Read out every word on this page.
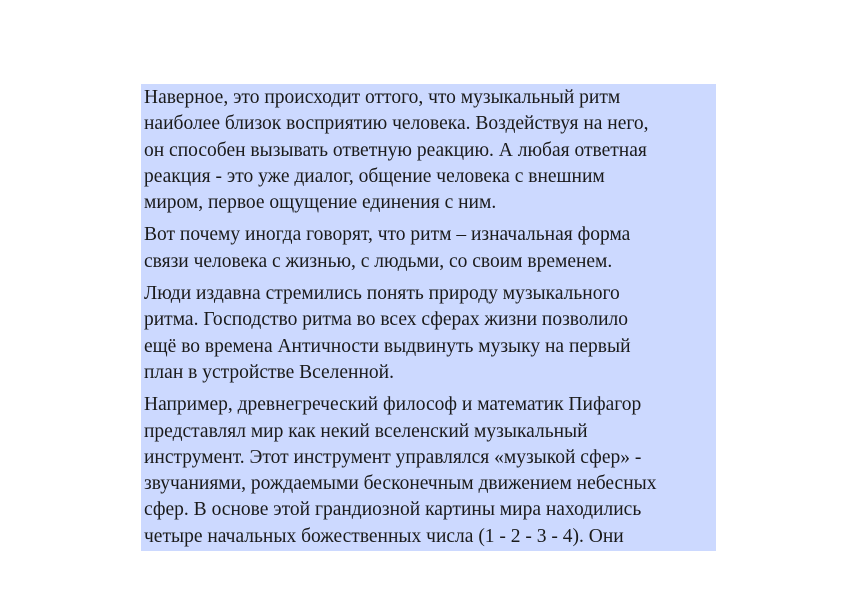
Наверное, это происходит оттого, что музыкальный ритм
наиболее близок восприятию человека. Воздействуя на него,
он способен вызывать ответную реакцию. А любая ответная
реакция - это уже диалог, общение человека с внешним
миром, первое ощущение единения с ним.

Вот почему иногда говорят, что ритм – изначальная форма
связи человека с жизнью, с людьми, со своим временем.

Люди издавна стремились понять природу музыкального
ритма. Господство ритма во всех сферах жизни позволило
ещё во времена Античности выдвинуть музыку на первый
план в устройстве Вселенной.

Например, древнегреческий философ и математик Пифагор
представлял мир как некий вселенский музыкальный
инструмент. Этот инструмент управлялся «музыкой сфер» -
звучаниями, рождаемыми бесконечным движением небесных
сфер. В основе этой грандиозной картины мира находились
четыре начальных божественных числа (1 - 2 - 3 - 4). Они
